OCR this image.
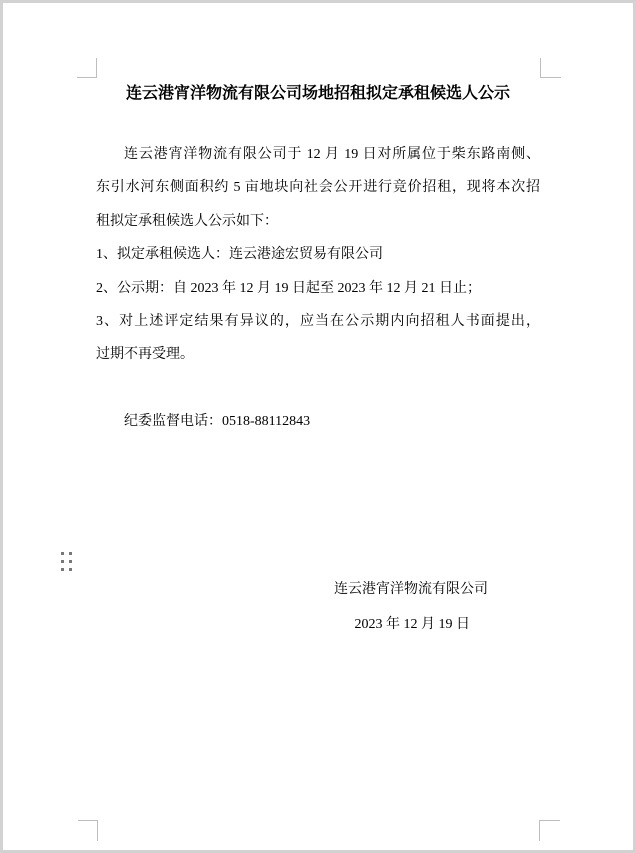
连云港宵洋物流有限公司场地招租拟定承租候选人公示
连云港宵洋物流有限公司于 12 月 19 日对所属位于柴东路南侧、
东引水河东侧面积约 5 亩地块向社会公开进行竞价招租，现将本次招
租拟定承租候选人公示如下：
1、拟定承租候选人：连云港途宏贸易有限公司
2、公示期：自 2023 年 12 月 19 日起至 2023 年 12 月 21 日止；
3、对上述评定结果有异议的，应当在公示期内向招租人书面提出，
过期不再受理。
纪委监督电话：0518-88112843
连云港宵洋物流有限公司
2023 年 12 月 19 日
